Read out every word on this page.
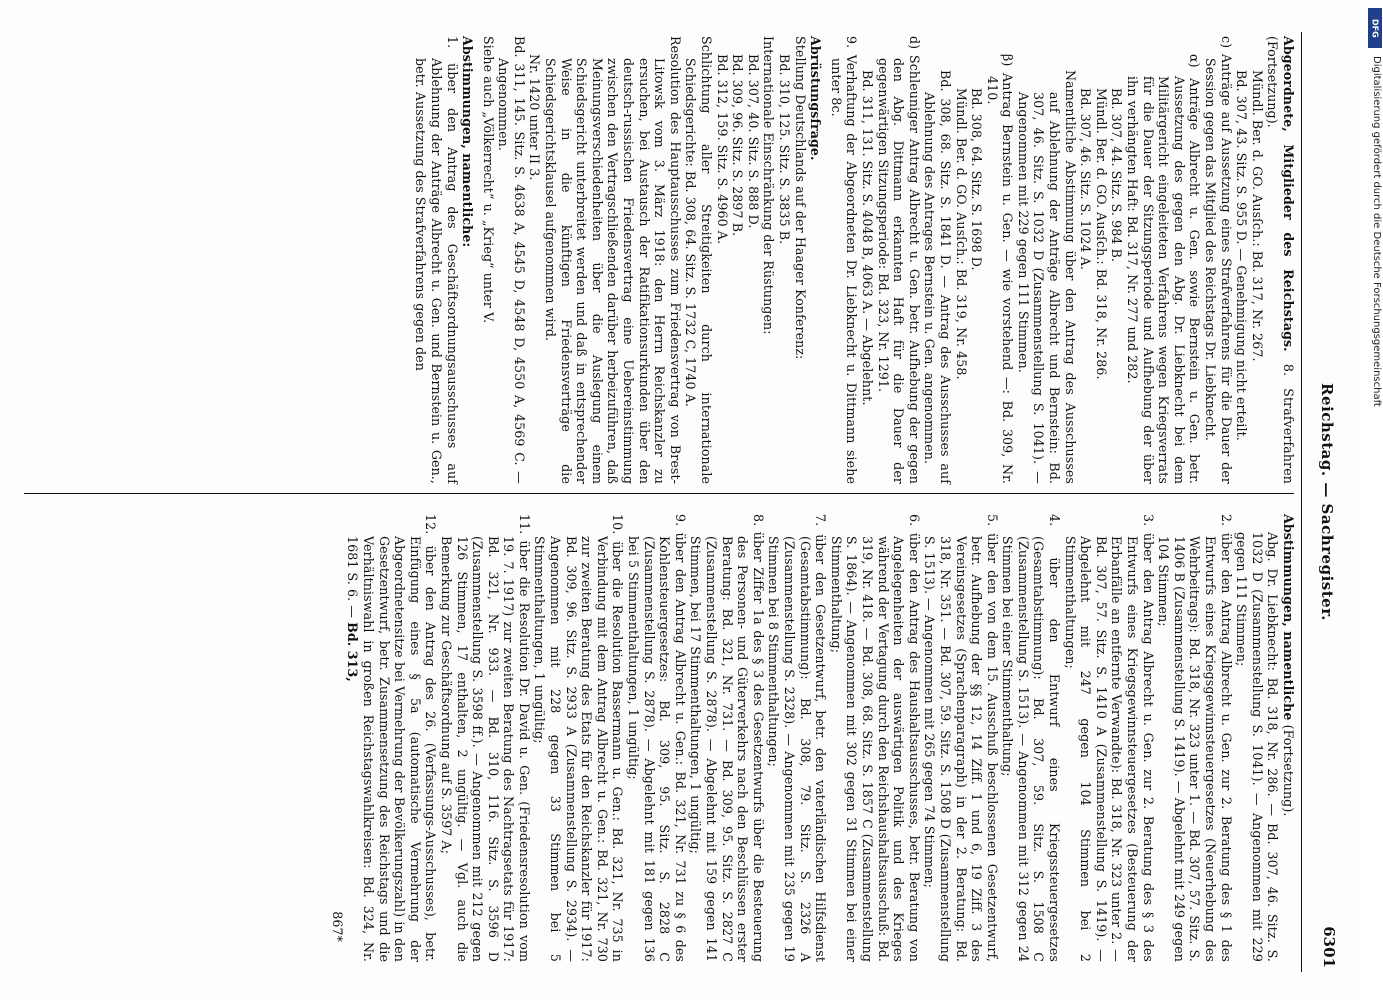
Reichstag. — Sachregister.
6301

Abgeordnete, Mitglieder des Reichstags. 8. Strafverfahren (Fortsetzung).

Mündl. Ber. d. GO. Ausſch.: Bd. 317, Nr. 267.

Bd. 307, 43. Sitz. S. 955 D. — Genehmigung nicht erteilt.

c) Anträge auf Aussetzung eines Strafverfahrens für die Dauer der Session gegen das Mitglied des Reichstags Dr. Liebknecht.

α) Anträge Albrecht u. Gen. sowie Bernstein u. Gen. betr. Aussetzung des gegen den Abg. Dr. Liebknecht bei dem Militärgericht eingeleiteten Verfahrens wegen Kriegsverrats für die Dauer der Sitzungsperiode und Aufhebung der über ihn verhängten Haft: Bd. 317, Nr. 277 und 282.

Bd. 307, 44. Sitz. S. 984 B.

Mündl. Ber. d. GO. Ausſch.: Bd. 318, Nr. 286.

Bd. 307, 46. Sitz. S. 1024 A.

Namentliche Abstimmung über den Antrag des Ausschusses auf Ablehnung der Anträge Albrecht und Bernstein: Bd. 307, 46. Sitz. S. 1032 D (Zusammenstellung S. 1041). — Angenommen mit 229 gegen 111 Stimmen.

β) Antrag Bernstein u. Gen. — wie vorstehend —: Bd. 309, Nr. 410.

Bd. 308, 64. Sitz. S. 1698 D.

Mündl. Ber. d. GO. Ausſch.: Bd. 319, Nr. 458.

Bd. 308, 68. Sitz. S. 1841 D. — Antrag des Ausschusses auf Ablehnung des Antrages Bernstein u. Gen. angenommen.

d) Schleuniger Antrag Albrecht u. Gen. betr. Aufhebung der gegen den Abg. Dittmann erkannten Haft für die Dauer der gegenwärtigen Sitzungsperiode: Bd. 323, Nr. 1291.

Bd. 311, 131. Sitz. S. 4048 B, 4063 A. — Abgelehnt.

9. Verhaftung der Abgeordneten Dr. Liebknecht u. Dittmann siehe unter 8c.

Abrüstungsfrage.

Stellung Deutschlands auf der Haager Konferenz:

Bd. 310, 125. Sitz. S. 3835 B.

Internationale Einschränkung der Rüstungen:

Bd. 307, 40. Sitz. S. 888 D.

Bd. 309, 96. Sitz. S. 2897 B.

Bd. 312, 159. Sitz. S. 4960 A.

Schlichtung aller Streitigkeiten durch internationale Schiedsgerichte: Bd. 308, 64. Sitz. S. 1732 C, 1740 A.

Resolution des Hauptausschusses zum Friedensvertrag von Brest-Litowsk vom 3. März 1918: den Herrn Reichskanzler zu ersuchen, bei Austausch der Ratifikationsurkunden über den deutsch-russischen Friedensvertrag eine Uebereinstimmung zwischen den Vertragschließenden darüber herbeizuführen, daß Meinungsverschiedenheiten über die Auslegung einem Schiedsgericht unterbreitet werden und daß in entsprechender Weise in die künftigen Friedensverträge die Schiedsgerichtsklausel aufgenommen wird.

Nr. 1420 unter II 3.

Bd. 311, 145. Sitz. S. 4638 A, 4545 D, 4548 D, 4550 A, 4569 C. — Angenommen.

Siehe auch „Völkerrecht“ u. „Krieg“ unter V.

Abstimmungen, namentliche:

1. über den Antrag des Geschäftsordnungsausschusses auf Ablehnung der Anträge Albrecht u. Gen. und Bernstein u. Gen., betr. Aussetzung des Strafverfahrens gegen den

Abstimmungen, namentliche (Fortsetzung).

Abg. Dr. Liebknecht: Bd. 318, Nr. 286. — Bd. 307, 46. Sitz. S. 1032 D (Zusammenstellung S. 1041). — Angenommen mit 229 gegen 111 Stimmen;

2. über den Antrag Albrecht u. Gen. zur 2. Beratung des § 1 des Entwurfs eines Kriegsgewinnsteuergesetzes (Neuerhebung des Wehrbeitrags): Bd. 318, Nr. 323 unter 1. — Bd. 307, 57. Sitz. S. 1406 B (Zusammenstellung S. 1419). — Abgelehnt mit 249 gegen 104 Stimmen;

3. über den Antrag Albrecht u. Gen. zur 2. Beratung des § 3 des Entwurfs eines Kriegsgewinnsteuergesetzes (Besteuerung der Erbanfälle an entfernte Verwandte): Bd. 318, Nr. 323 unter 2. — Bd. 307, 57. Sitz. S. 1410 A (Zusammenstellung S. 1419). — Abgelehnt mit 247 gegen 104 Stimmen bei 2 Stimmenthaltungen;

4. über den Entwurf eines Kriegssteuergesetzes (Gesamtabstimmung): Bd. 307, 59. Sitz. S. 1508 C (Zusammenstellung S. 1513). — Angenommen mit 312 gegen 24 Stimmen bei einer Stimmenthaltung;

5. über den von dem 15. Ausschuß beschlossenen Gesetzentwurf, betr. Aufhebung der §§ 12, 14 Ziff. 1 und 6, 19 Ziff. 3 des Vereinsgesetzes (Sprachenparagraph) in der 2. Beratung: Bd. 318, Nr. 351. — Bd. 307, 59. Sitz. S. 1508 D (Zusammenstellung S. 1513). — Angenommen mit 265 gegen 74 Stimmen;

6. über den Antrag des Haushaltsausschusses, betr. Beratung von Angelegenheiten der auswärtigen Politik und des Krieges während der Vertagung durch den Reichshaushaltsausschuß: Bd. 319, Nr. 418. — Bd. 308, 68. Sitz. S. 1857 C (Zusammenstellung S. 1864). — Angenommen mit 302 gegen 31 Stimmen bei einer Stimmenthaltung;

7. über den Gesetzentwurf, betr. den vaterländischen Hilfsdienst (Gesamtabstimmung): Bd. 308, 79. Sitz. S. 2326 A (Zusammenstellung S. 2328). — Angenommen mit 235 gegen 19 Stimmen bei 8 Stimmenthaltungen;

8. über Ziffer 1a des § 3 des Gesetzentwurfs über die Besteuerung des Personen- und Güterverkehrs nach den Beschlüssen erster Beratung: Bd. 321, Nr. 731. — Bd. 309, 95. Sitz. S. 2827 C (Zusammenstellung S. 2878). — Abgelehnt mit 159 gegen 141 Stimmen, bei 17 Stimmenthaltungen, 1 ungültig;

9. über den Antrag Albrecht u. Gen.: Bd. 321, Nr. 731 zu § 6 des Kohlensteuergesetzes: Bd. 309, 95. Sitz. S. 2828 C (Zusammenstellung S. 2878). — Abgelehnt mit 181 gegen 136 bei 5 Stimmenthaltungen, 1 ungültig;

10. über die Resolution Bassermann u. Gen.: Bd. 321, Nr. 735 in Verbindung mit dem Antrag Albrecht u. Gen.: Bd. 321, Nr. 730 zur zweiten Beratung des Etats für den Reichskanzler für 1917: Bd. 309, 96. Sitz. S. 2933 A (Zusammenstellung S. 2934). — Angenommen mit 228 gegen 33 Stimmen bei 5 Stimmenthaltungen, 1 ungültig;

11. über die Resolution Dr. David u. Gen. (Friedensresolution vom 19. 7. 1917) zur zweiten Beratung des Nachtragsetats für 1917: Bd. 321, Nr. 933. — Bd. 310, 116. Sitz. S. 3596 D (Zusammenstellung S. 3598 ff.). — Angenommen mit 212 gegen 126 Stimmen, 17 enthalten, 2 ungültig. — Vgl. auch die Bemerkung zur Geschäftsordnung auf S. 3597 A;

12. über den Antrag des 26. (Verfassungs-Ausschusses), betr. Einfügung eines § 5a (automatische Vermehrung der Abgeordnetensitze bei Vermehrung der Bevölkerungszahl) in den Gesetzentwurf, betr. Zusammensetzung des Reichstags und die Verhältniswahl in großen Reichstagswahlkreisen: Bd. 324, Nr. 1681 S. 6. — Bd. 313,

867*

DFG
Digitalisierung gefördert durch die Deutsche Forschungsgemeinschaft
